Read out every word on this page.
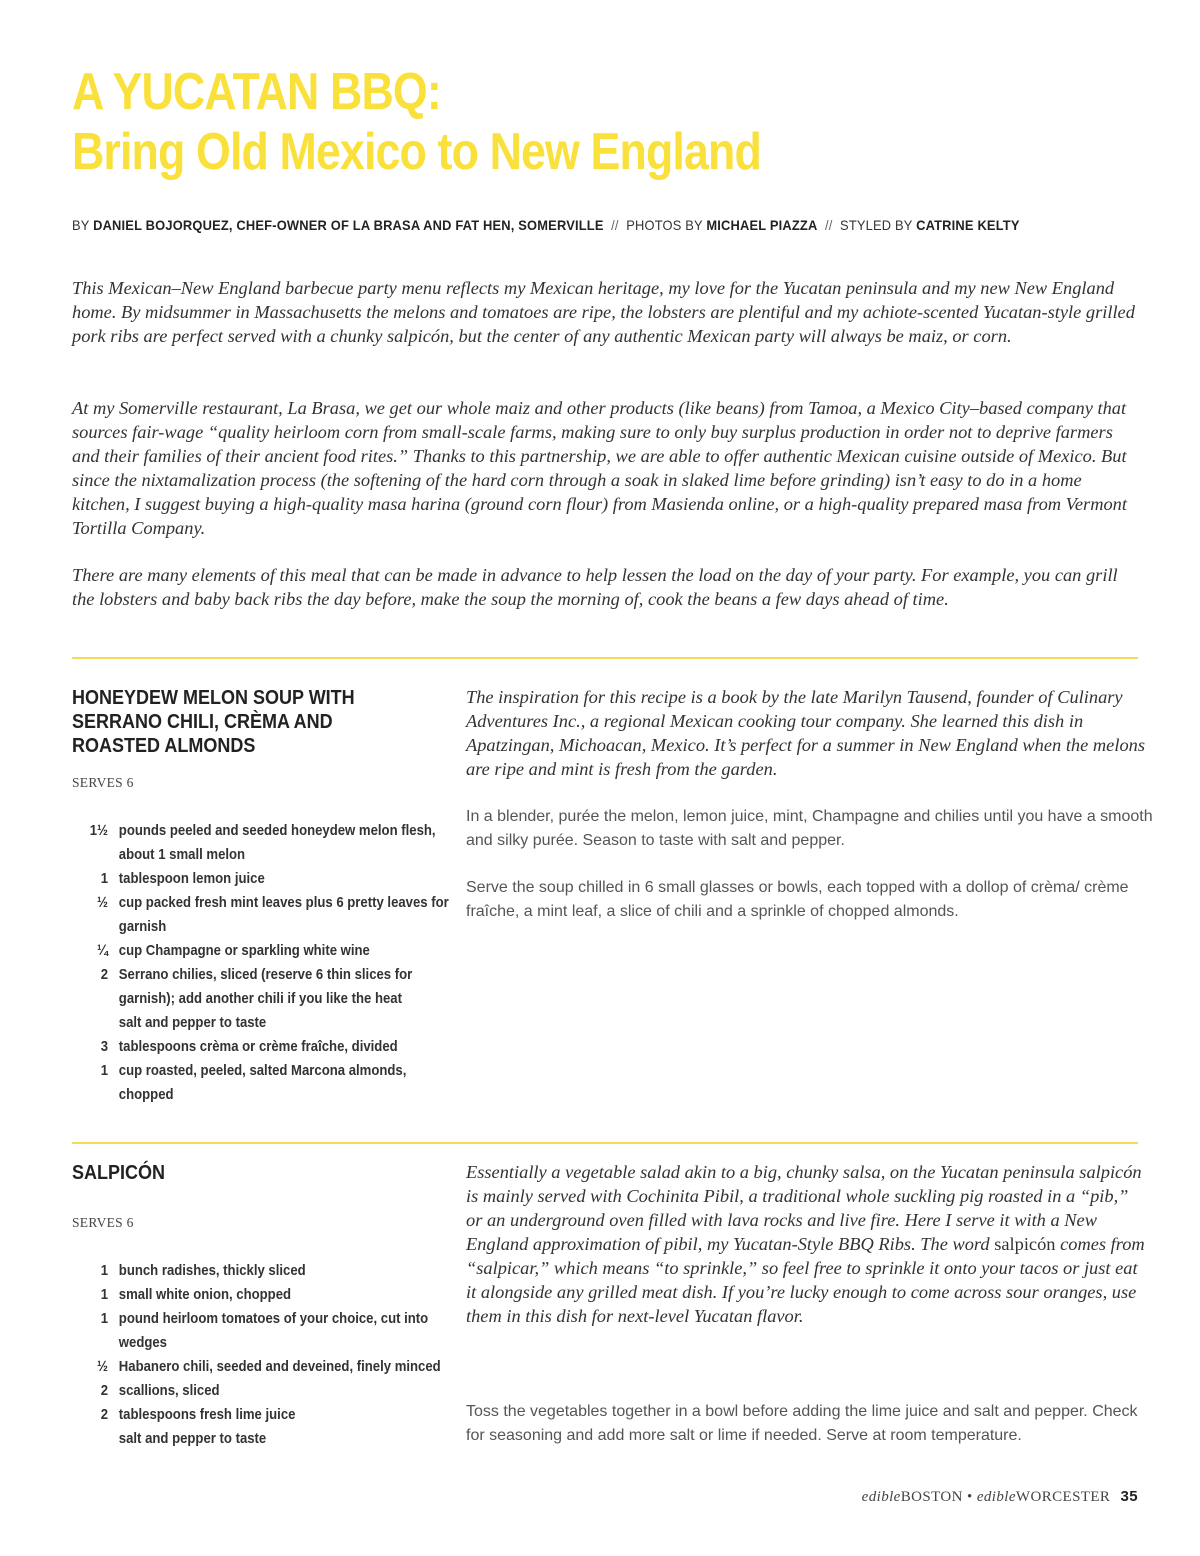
A YUCATAN BBQ:
Bring Old Mexico to New England
BY DANIEL BOJORQUEZ, CHEF-OWNER OF LA BRASA AND FAT HEN, SOMERVILLE // PHOTOS BY MICHAEL PIAZZA // STYLED BY CATRINE KELTY

This Mexican–New England barbecue party menu reflects my Mexican heritage, my love for the Yucatan peninsula and my new New England home. By midsummer in Massachusetts the melons and tomatoes are ripe, the lobsters are plentiful and my achiote-scented Yucatan-style grilled pork ribs are perfect served with a chunky salpicón, but the center of any authentic Mexican party will always be maiz, or corn.

At my Somerville restaurant, La Brasa, we get our whole maiz and other products (like beans) from Tamoa, a Mexico City–based company that sources fair-wage “quality heirloom corn from small-scale farms, making sure to only buy surplus production in order not to deprive farmers and their families of their ancient food rites.” Thanks to this partnership, we are able to offer authentic Mexican cuisine outside of Mexico. But since the nixtamalization process (the softening of the hard corn through a soak in slaked lime before grinding) isn’t easy to do in a home kitchen, I suggest buying a high-quality masa harina (ground corn flour) from Masienda online, or a high-quality prepared masa from Vermont Tortilla Company.

There are many elements of this meal that can be made in advance to help lessen the load on the day of your party. For example, you can grill the lobsters and baby back ribs the day before, make the soup the morning of, cook the beans a few days ahead of time.

HONEYDEW MELON SOUP WITH SERRANO CHILI, CRÈMA AND ROASTED ALMONDS
SERVES 6
1½ pounds peeled and seeded honeydew melon flesh, about 1 small melon
1 tablespoon lemon juice
½ cup packed fresh mint leaves plus 6 pretty leaves for garnish
¼ cup Champagne or sparkling white wine
2 Serrano chilies, sliced (reserve 6 thin slices for garnish); add another chili if you like the heat
salt and pepper to taste
3 tablespoons crèma or crème fraîche, divided
1 cup roasted, peeled, salted Marcona almonds, chopped

The inspiration for this recipe is a book by the late Marilyn Tausend, founder of Culinary Adventures Inc., a regional Mexican cooking tour company. She learned this dish in Apatzingan, Michoacan, Mexico. It’s perfect for a summer in New England when the melons are ripe and mint is fresh from the garden.

In a blender, purée the melon, lemon juice, mint, Champagne and chilies until you have a smooth and silky purée. Season to taste with salt and pepper.

Serve the soup chilled in 6 small glasses or bowls, each topped with a dollop of crèma/ crème fraîche, a mint leaf, a slice of chili and a sprinkle of chopped almonds.

SALPICÓN
SERVES 6
1 bunch radishes, thickly sliced
1 small white onion, chopped
1 pound heirloom tomatoes of your choice, cut into wedges
½ Habanero chili, seeded and deveined, finely minced
2 scallions, sliced
2 tablespoons fresh lime juice
salt and pepper to taste

Essentially a vegetable salad akin to a big, chunky salsa, on the Yucatan peninsula salpicón is mainly served with Cochinita Pibil, a traditional whole suckling pig roasted in a “pib,” or an underground oven filled with lava rocks and live fire. Here I serve it with a New England approximation of pibil, my Yucatan-Style BBQ Ribs. The word salpicón comes from “salpicar,” which means “to sprinkle,” so feel free to sprinkle it onto your tacos or just eat it alongside any grilled meat dish. If you’re lucky enough to come across sour oranges, use them in this dish for next-level Yucatan flavor.

Toss the vegetables together in a bowl before adding the lime juice and salt and pepper. Check for seasoning and add more salt or lime if needed. Serve at room temperature.

edibleBOSTON • edibleWORCESTER 35
